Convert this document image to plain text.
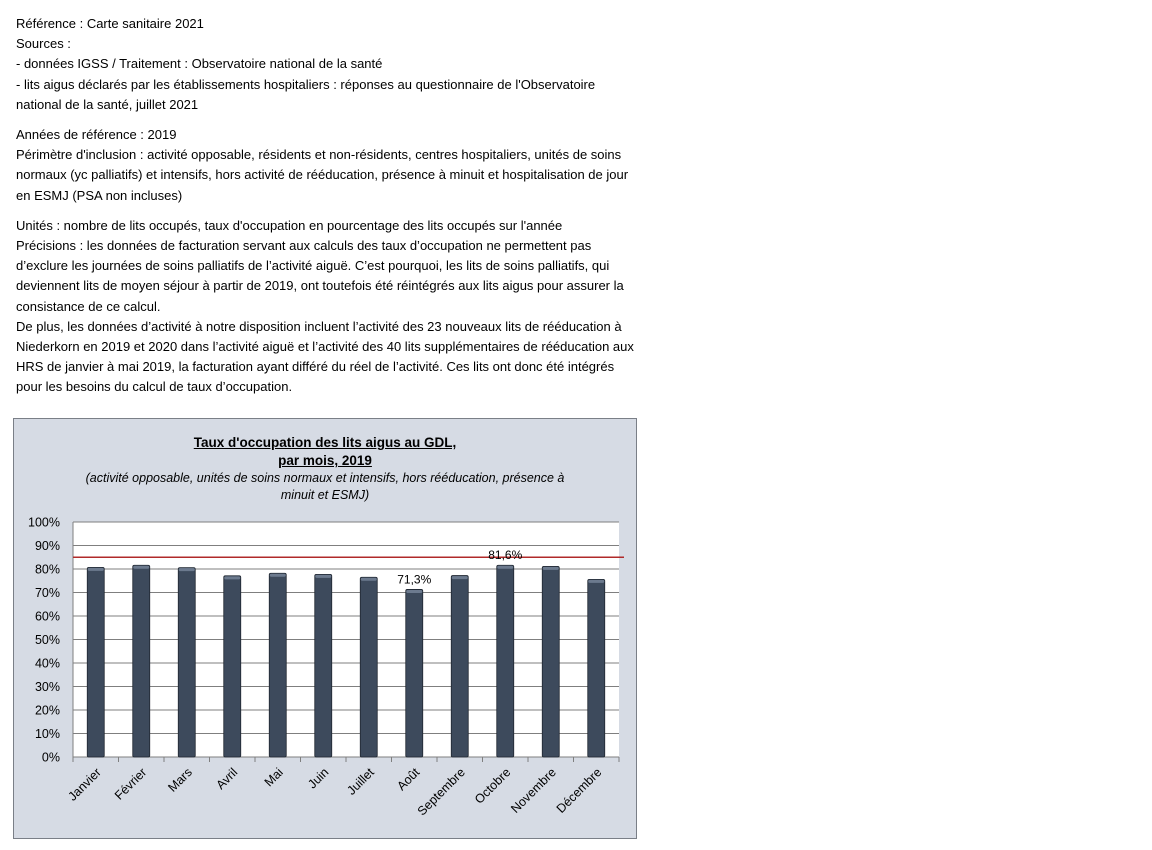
Référence : Carte sanitaire 2021

Sources :

- données IGSS / Traitement : Observatoire national de la santé

- lits aigus déclarés par les établissements hospitaliers : réponses au questionnaire de l'Observatoire

national de la santé, juillet 2021

Années de référence : 2019

Périmètre d'inclusion : activité opposable, résidents et non-résidents, centres hospitaliers, unités de soins

normaux (yc palliatifs) et intensifs, hors activité de rééducation, présence à minuit et hospitalisation de jour

en ESMJ (PSA non incluses)

Unités : nombre de lits occupés, taux d'occupation en pourcentage des lits occupés sur l'année

Précisions : les données de facturation servant aux calculs des taux d’occupation ne permettent pas

d’exclure les journées de soins palliatifs de l’activité aiguë. C’est pourquoi, les lits de soins palliatifs, qui

deviennent lits de moyen séjour à partir de 2019, ont toutefois été réintégrés aux lits aigus pour assurer la

consistance de ce calcul.

De plus, les données d’activité à notre disposition incluent l’activité des 23 nouveaux lits de rééducation à

Niederkorn en 2019 et 2020 dans l’activité aiguë et l’activité des 40 lits supplémentaires de rééducation aux

HRS de janvier à mai 2019, la facturation ayant différé du réel de l’activité. Ces lits ont donc été intégrés

pour les besoins du calcul de taux d’occupation.

Taux d'occupation des lits aigus au GDL,
par mois, 2019
(activité opposable, unités de soins normaux et intensifs, hors rééducation, présence à
minuit et ESMJ)
0%
10%
20%
30%
40%
50%
60%
70%
80%
90%
100%
Janvier Février Mars Avril Mai Juin Juillet Août
Septembre Octobre
Novembre
Décembre
71,3%
81,6%
